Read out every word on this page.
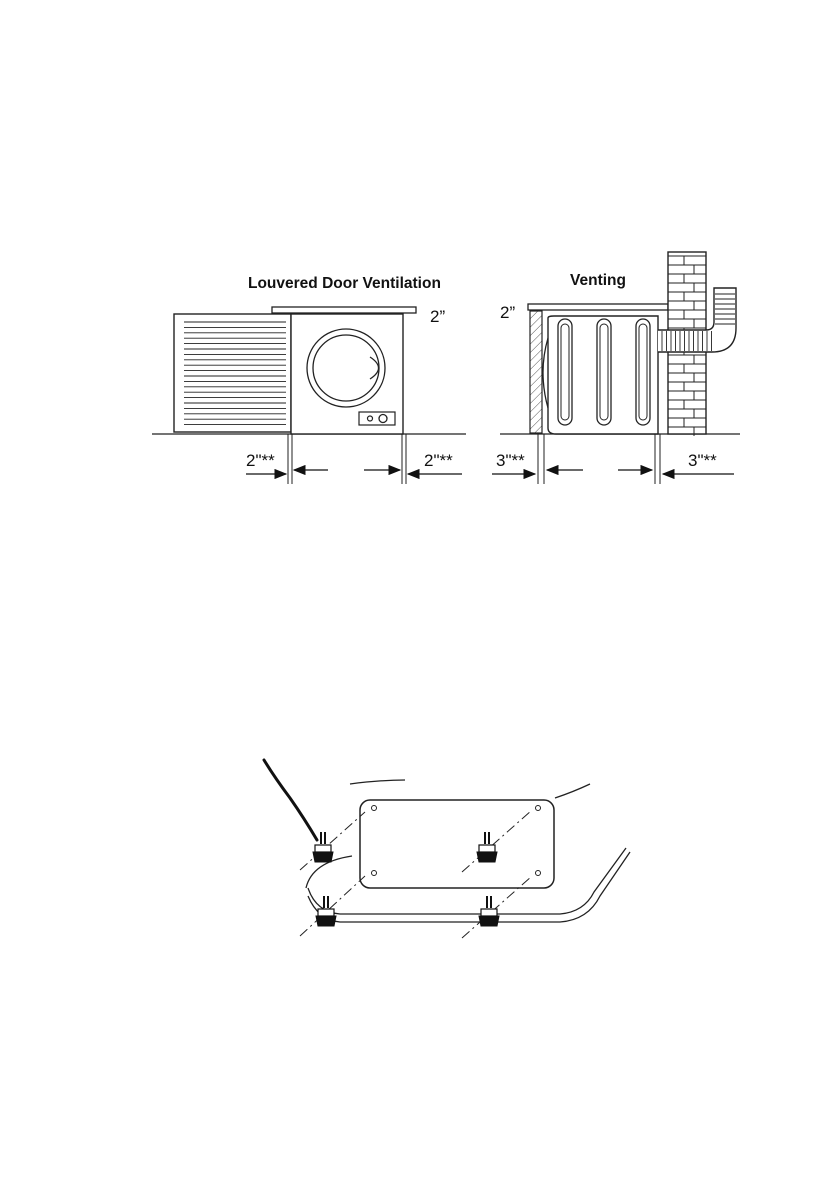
Louvered Door Ventilation
2”
2"**	2"**
Venting
2”
3"**	3"**
